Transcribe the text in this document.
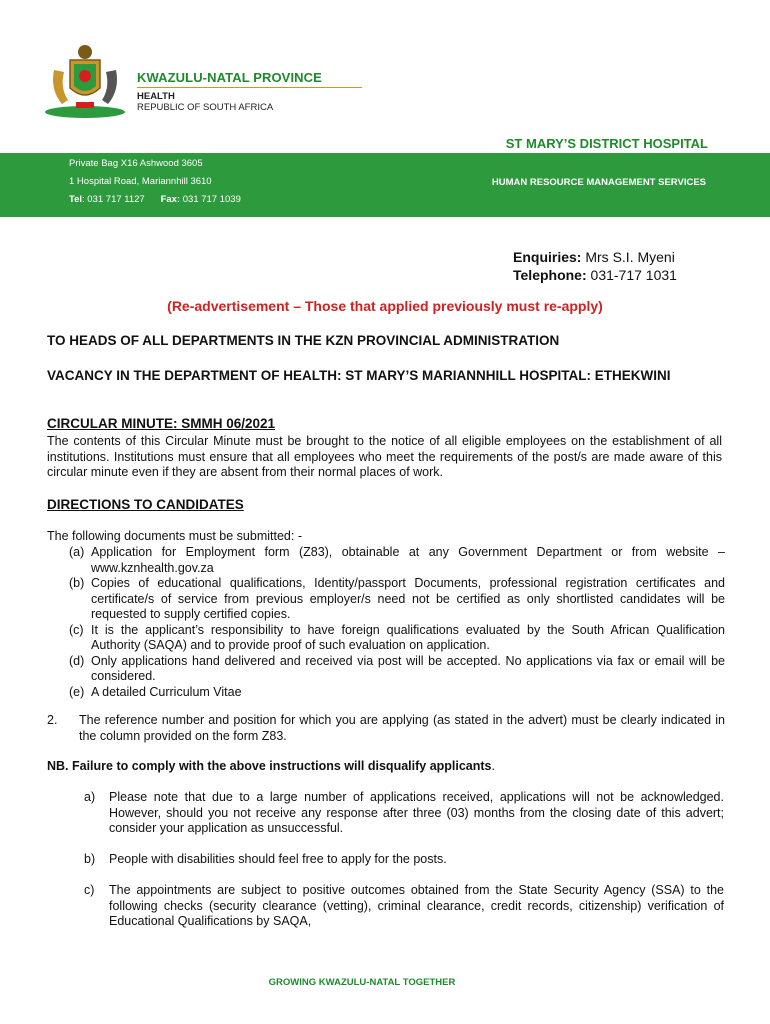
KWAZULU-NATAL PROVINCE
HEALTH
REPUBLIC OF SOUTH AFRICA
ST MARY’S DISTRICT HOSPITAL
Private Bag X16 Ashwood 3605
1 Hospital Road, Mariannhill 3610
Tel: 031 717 1127 Fax: 031 717 1039
HUMAN RESOURCE MANAGEMENT SERVICES
Enquiries: Mrs S.I. Myeni
Telephone: 031-717 1031
(Re-advertisement – Those that applied previously must re-apply)
TO HEADS OF ALL DEPARTMENTS IN THE KZN PROVINCIAL ADMINISTRATION
VACANCY IN THE DEPARTMENT OF HEALTH: ST MARY’S MARIANNHILL HOSPITAL: ETHEKWINI
CIRCULAR MINUTE: SMMH 06/2021
The contents of this Circular Minute must be brought to the notice of all eligible employees on the establishment of all institutions. Institutions must ensure that all employees who meet the requirements of the post/s are made aware of this circular minute even if they are absent from their normal places of work.
DIRECTIONS TO CANDIDATES
The following documents must be submitted: -
(a) Application for Employment form (Z83), obtainable at any Government Department or from website –www.kznhealth.gov.za
(b) Copies of educational qualifications, Identity/passport Documents, professional registration certificates and certificate/s of service from previous employer/s need not be certified as only shortlisted candidates will be requested to supply certified copies.
(c) It is the applicant’s responsibility to have foreign qualifications evaluated by the South African Qualification Authority (SAQA) and to provide proof of such evaluation on application.
(d) Only applications hand delivered and received via post will be accepted. No applications via fax or email will be considered.
(e) A detailed Curriculum Vitae
2.	The reference number and position for which you are applying (as stated in the advert) must be clearly indicated in the column provided on the form Z83.
NB. Failure to comply with the above instructions will disqualify applicants.
a)	Please note that due to a large number of applications received, applications will not be acknowledged. However, should you not receive any response after three (03) months from the closing date of this advert; consider your application as unsuccessful.
b)	People with disabilities should feel free to apply for the posts.
c)	The appointments are subject to positive outcomes obtained from the State Security Agency (SSA) to the following checks (security clearance (vetting), criminal clearance, credit records, citizenship) verification of Educational Qualifications by SAQA,
GROWING KWAZULU-NATAL TOGETHER
